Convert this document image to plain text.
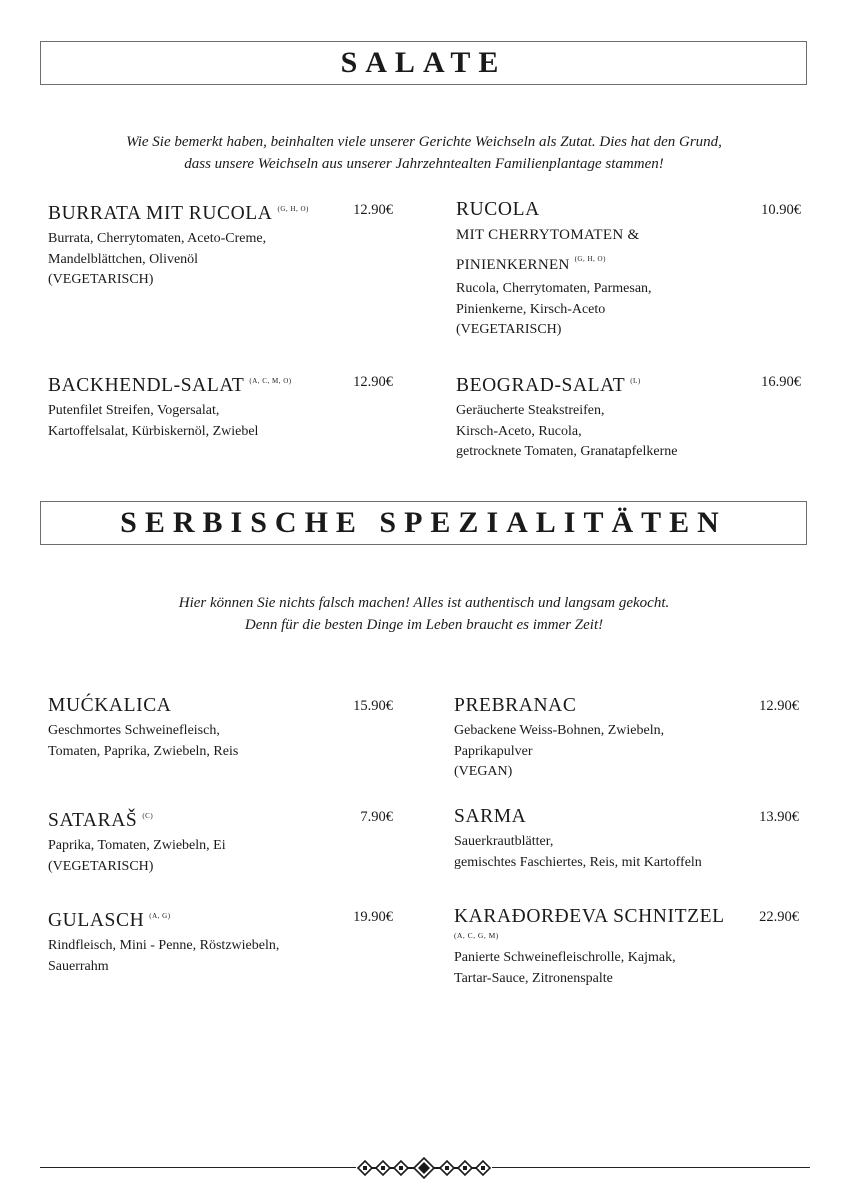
SALATE

Wie Sie bemerkt haben, beinhalten viele unserer Gerichte Weichseln als Zutat. Dies hat den Grund,

dass unsere Weichseln aus unserer Jahrzehntealten Familienplantage stammen!

BURRATA MIT RUCOLA $^{(G, H, O)}$	12.90€
Burrata, Cherrytomaten, Aceto-Creme,
Mandelblättchen, Olivenöl
(VEGETARISCH)
RUCOLA
MIT CHERRYTOMATEN &
PINIENKERNEN $^{(G, H, O)}$
10.90€
Rucola, Cherrytomaten, Parmesan,
Pinienkerne, Kirsch-Aceto
(VEGETARISCH)
BACKHENDL-SALAT $^{(A, C, M, O)}$	12.90€
Putenfilet Streifen, Vogersalat,
Kartoffelsalat, Kürbiskernöl, Zwiebel
BEOGRAD-SALAT $^{(L)}$	16.90€
Geräucherte Steakstreifen,
Kirsch-Aceto, Rucola,
getrocknete Tomaten, Granatapfelkerne
SERBISCHE SPEZIALITÄTEN

Hier können Sie nichts falsch machen! Alles ist authentisch und langsam gekocht.

Denn für die besten Dinge im Leben braucht es immer Zeit!

MUĆKALICA	15.90€
Geschmortes Schweinefleisch,
Tomaten, Paprika, Zwiebeln, Reis
PREBRANAC	12.90€
Gebackene Weiss-Bohnen, Zwiebeln,
Paprikapulver
(VEGAN)
SATARAŠ $^{(C)}$	7.90€
Paprika, Tomaten, Zwiebeln, Ei
(VEGETARISCH)
SARMA	13.90€
Sauerkrautblätter,
gemischtes Faschiertes, Reis, mit Kartoffeln
GULASCH $^{(A, G)}$	19.90€
Rindfleisch, Mini - Penne, Röstzwiebeln,
Sauerrahm
KARAĐORĐEVA SCHNITZEL
(A, C, G, M)
22.90€
Panierte Schweinefleischrolle, Kajmak,
Tartar-Sauce, Zitronenspalte
